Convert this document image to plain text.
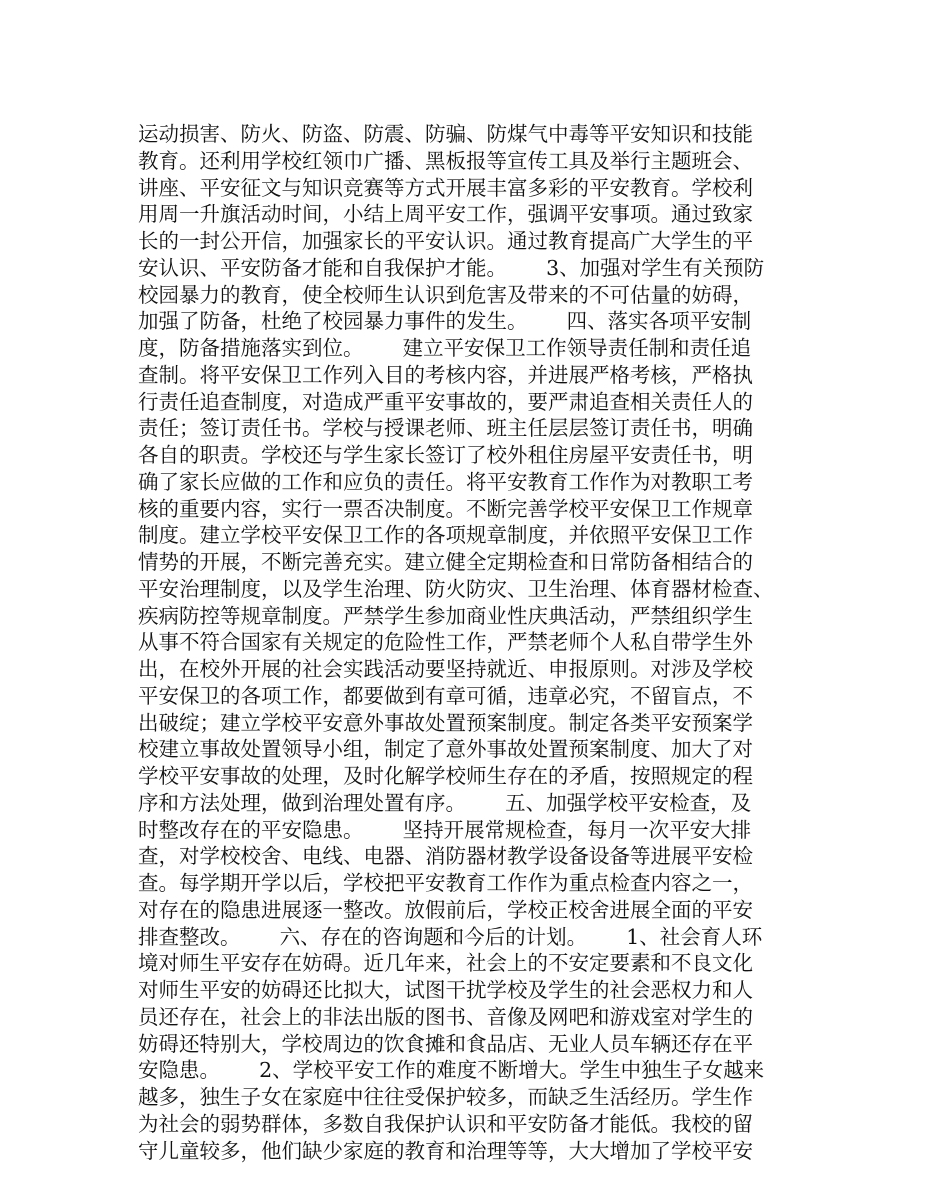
运动损害、防火、防盗、防震、防骗、防煤气中毒等平安知识和技能
教育。还利用学校红领巾广播、黑板报等宣传工具及举行主题班会、
讲座、平安征文与知识竞赛等方式开展丰富多彩的平安教育。学校利
用周一升旗活动时间，小结上周平安工作，强调平安事项。通过致家
长的一封公开信，加强家长的平安认识。通过教育提高广大学生的平
安认识、平安防备才能和自我保护才能。      3、加强对学生有关预防
校园暴力的教育，使全校师生认识到危害及带来的不可估量的妨碍，
加强了防备，杜绝了校园暴力事件的发生。      四、落实各项平安制
度，防备措施落实到位。      建立平安保卫工作领导责任制和责任追
查制。将平安保卫工作列入目的考核内容，并进展严格考核，严格执
行责任追查制度，对造成严重平安事故的，要严肃追查相关责任人的
责任；签订责任书。学校与授课老师、班主任层层签订责任书，明确
各自的职责。学校还与学生家长签订了校外租住房屋平安责任书，明
确了家长应做的工作和应负的责任。将平安教育工作作为对教职工考
核的重要内容，实行一票否决制度。不断完善学校平安保卫工作规章
制度。建立学校平安保卫工作的各项规章制度，并依照平安保卫工作
情势的开展，不断完善充实。建立健全定期检查和日常防备相结合的
平安治理制度，以及学生治理、防火防灾、卫生治理、体育器材检查、
疾病防控等规章制度。严禁学生参加商业性庆典活动，严禁组织学生
从事不符合国家有关规定的危险性工作，严禁老师个人私自带学生外
出，在校外开展的社会实践活动要坚持就近、申报原则。对涉及学校
平安保卫的各项工作，都要做到有章可循，违章必究，不留盲点，不
出破绽；建立学校平安意外事故处置预案制度。制定各类平安预案学
校建立事故处置领导小组，制定了意外事故处置预案制度、加大了对
学校平安事故的处理，及时化解学校师生存在的矛盾，按照规定的程
序和方法处理，做到治理处置有序。      五、加强学校平安检查，及
时整改存在的平安隐患。      坚持开展常规检查，每月一次平安大排
查，对学校校舍、电线、电器、消防器材教学设备设备等进展平安检
查。每学期开学以后，学校把平安教育工作作为重点检查内容之一，
对存在的隐患进展逐一整改。放假前后，学校正校舍进展全面的平安
排查整改。      六、存在的咨询题和今后的计划。      1、社会育人环
境对师生平安存在妨碍。近几年来，社会上的不安定要素和不良文化
对师生平安的妨碍还比拟大，试图干扰学校及学生的社会恶权力和人
员还存在，社会上的非法出版的图书、音像及网吧和游戏室对学生的
妨碍还特别大，学校周边的饮食摊和食品店、无业人员车辆还存在平
安隐患。      2、学校平安工作的难度不断增大。学生中独生子女越来
越多，独生子女在家庭中往往受保护较多，而缺乏生活经历。学生作
为社会的弱势群体，多数自我保护认识和平安防备才能低。我校的留
守儿童较多，他们缺少家庭的教育和治理等等，大大增加了学校平安
